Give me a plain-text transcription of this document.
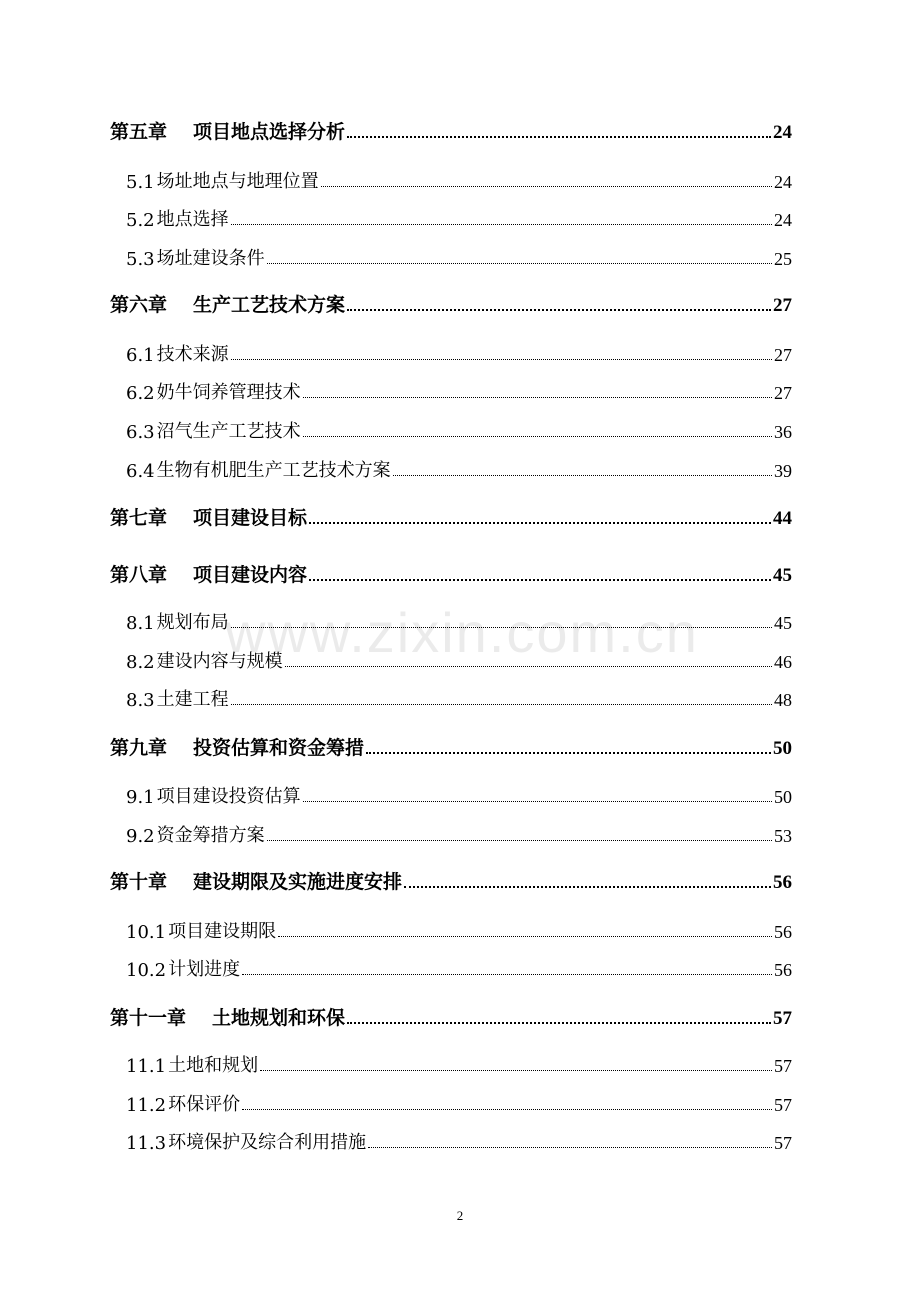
www.zixin.com.cn
第五章 项目地点选择分析	24
5.1 场址地点与地理位置	24
5.2 地点选择	24
5.3 场址建设条件	25
第六章 生产工艺技术方案	27
6.1 技术来源	27
6.2 奶牛饲养管理技术	27
6.3 沼气生产工艺技术	36
6.4 生物有机肥生产工艺技术方案	39
第七章 项目建设目标	44
第八章 项目建设内容	45
8.1 规划布局	45
8.2 建设内容与规模	46
8.3 土建工程	48
第九章 投资估算和资金筹措	50
9.1 项目建设投资估算	50
9.2 资金筹措方案	53
第十章 建设期限及实施进度安排	56
10.1 项目建设期限	56
10.2 计划进度	56
第十一章 土地规划和环保	57
11.1 土地和规划	57
11.2 环保评价	57
11.3 环境保护及综合利用措施	57
2
